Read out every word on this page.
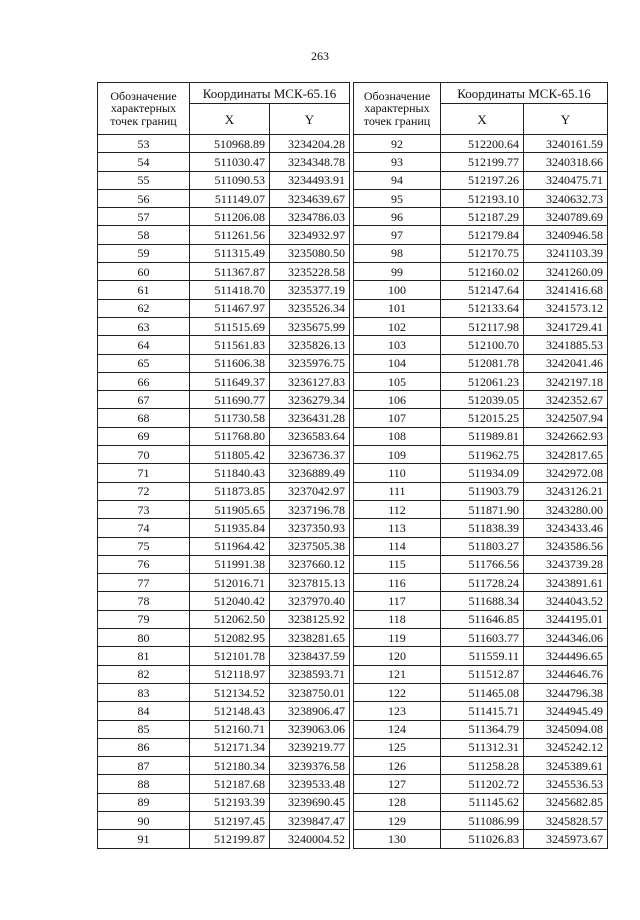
263
Обозначение характерных точек границ	Координаты МСК-65.16	
	X	Y
53	510968.89	3234204.28
54	511030.47	3234348.78
55	511090.53	3234493.91
56	511149.07	3234639.67
57	511206.08	3234786.03
58	511261.56	3234932.97
59	511315.49	3235080.50
60	511367.87	3235228.58
61	511418.70	3235377.19
62	511467.97	3235526.34
63	511515.69	3235675.99
64	511561.83	3235826.13
65	511606.38	3235976.75
66	511649.37	3236127.83
67	511690.77	3236279.34
68	511730.58	3236431.28
69	511768.80	3236583.64
70	511805.42	3236736.37
71	511840.43	3236889.49
72	511873.85	3237042.97
73	511905.65	3237196.78
74	511935.84	3237350.93
75	511964.42	3237505.38
76	511991.38	3237660.12
77	512016.71	3237815.13
78	512040.42	3237970.40
79	512062.50	3238125.92
80	512082.95	3238281.65
81	512101.78	3238437.59
82	512118.97	3238593.71
83	512134.52	3238750.01
84	512148.43	3238906.47
85	512160.71	3239063.06
86	512171.34	3239219.77
87	512180.34	3239376.58
88	512187.68	3239533.48
89	512193.39	3239690.45
90	512197.45	3239847.47
91	512199.87	3240004.52
Обозначение характерных точек границ	Координаты МСК-65.16	
	X	Y
92	512200.64	3240161.59
93	512199.77	3240318.66
94	512197.26	3240475.71
95	512193.10	3240632.73
96	512187.29	3240789.69
97	512179.84	3240946.58
98	512170.75	3241103.39
99	512160.02	3241260.09
100	512147.64	3241416.68
101	512133.64	3241573.12
102	512117.98	3241729.41
103	512100.70	3241885.53
104	512081.78	3242041.46
105	512061.23	3242197.18
106	512039.05	3242352.67
107	512015.25	3242507.94
108	511989.81	3242662.93
109	511962.75	3242817.65
110	511934.09	3242972.08
111	511903.79	3243126.21
112	511871.90	3243280.00
113	511838.39	3243433.46
114	511803.27	3243586.56
115	511766.56	3243739.28
116	511728.24	3243891.61
117	511688.34	3244043.52
118	511646.85	3244195.01
119	511603.77	3244346.06
120	511559.11	3244496.65
121	511512.87	3244646.76
122	511465.08	3244796.38
123	511415.71	3244945.49
124	511364.79	3245094.08
125	511312.31	3245242.12
126	511258.28	3245389.61
127	511202.72	3245536.53
128	511145.62	3245682.85
129	511086.99	3245828.57
130	511026.83	3245973.67
